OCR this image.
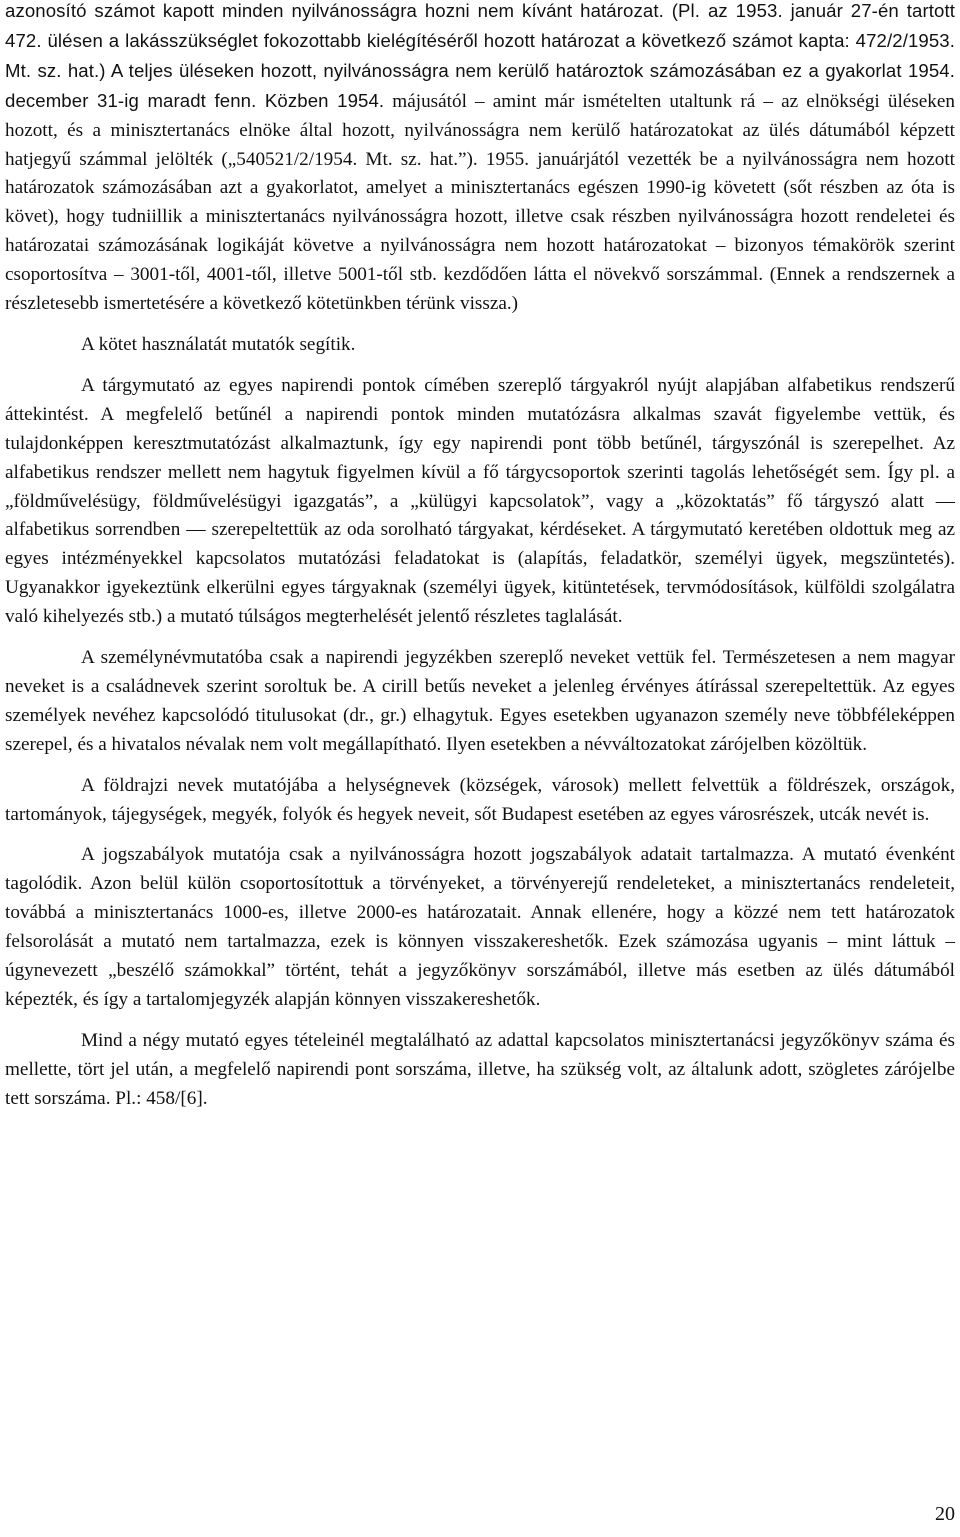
azonosító számot kapott minden nyilvánosságra hozni nem kívánt határozat. (Pl. az 1953. január 27-én tartott 472. ülésen a lakásszükséglet fokozottabb kielégítéséről hozott határozat a következő számot kapta: 472/2/1953. Mt. sz. hat.) A teljes üléseken hozott, nyilvánosságra nem kerülő határoztok számozásában ez a gyakorlat 1954. december 31-ig maradt fenn. Közben 1954. májusától – amint már ismételten utaltunk rá – az elnökségi üléseken hozott, és a minisztertanács elnöke által hozott, nyilvánosságra nem kerülő határozatokat az ülés dátumából képzett hatjegyű számmal jelölték („540521/2/1954. Mt. sz. hat.”). 1955. januárjától vezették be a nyilvánosságra nem hozott határozatok számozásában azt a gyakorlatot, amelyet a minisztertanács egészen 1990-ig követett (sőt részben az óta is követ), hogy tudniillik a minisztertanács nyilvánosságra hozott, illetve csak részben nyilvánosságra hozott rendeletei és határozatai számozásának logikáját követve a nyilvánosságra nem hozott határozatokat – bizonyos témakörök szerint csoportosítva – 3001-től, 4001-től, illetve 5001-től stb. kezdődően látta el növekvő sorszámmal. (Ennek a rendszernek a részletesebb ismertetésére a következő kötetünkben térünk vissza.)

A kötet használatát mutatók segítik.

A tárgymutató az egyes napirendi pontok címében szereplő tárgyakról nyújt alapjában alfabetikus rendszerű áttekintést. A megfelelő betűnél a napirendi pontok minden mutatózásra alkalmas szavát figyelembe vettük, és tulajdonképpen keresztmutatózást alkalmaztunk, így egy napirendi pont több betűnél, tárgyszónál is szerepelhet. Az alfabetikus rendszer mellett nem hagytuk figyelmen kívül a fő tárgycsoportok szerinti tagolás lehetőségét sem. Így pl. a „földművelésügy, földművelésügyi igazgatás”, a „külügyi kapcsolatok”, vagy a „közoktatás” fő tárgyszó alatt — alfabetikus sorrendben — szerepeltettük az oda sorolható tárgyakat, kérdéseket. A tárgymutató keretében oldottuk meg az egyes intézményekkel kapcsolatos mutatózási feladatokat is (alapítás, feladatkör, személyi ügyek, megszüntetés). Ugyanakkor igyekeztünk elkerülni egyes tárgyaknak (személyi ügyek, kitüntetések, tervmódosítások, külföldi szolgálatra való kihelyezés stb.) a mutató túlságos megterhelését jelentő részletes taglalását.

A személynévmutatóba csak a napirendi jegyzékben szereplő neveket vettük fel. Természetesen a nem magyar neveket is a családnevek szerint soroltuk be. A cirill betűs neveket a jelenleg érvényes átírással szerepeltettük. Az egyes személyek nevéhez kapcsolódó titulusokat (dr., gr.) elhagytuk. Egyes esetekben ugyanazon személy neve többféleképpen szerepel, és a hivatalos névalak nem volt megállapítható. Ilyen esetekben a névváltozatokat zárójelben közöltük.

A földrajzi nevek mutatójába a helységnevek (községek, városok) mellett felvettük a földrészek, országok, tartományok, tájegységek, megyék, folyók és hegyek neveit, sőt Budapest esetében az egyes városrészek, utcák nevét is.

A jogszabályok mutatója csak a nyilvánosságra hozott jogszabályok adatait tartalmazza. A mutató évenként tagolódik. Azon belül külön csoportosítottuk a törvényeket, a törvényerejű rendeleteket, a minisztertanács rendeleteit, továbbá a minisztertanács 1000-es, illetve 2000-es határozatait. Annak ellenére, hogy a közzé nem tett határozatok felsorolását a mutató nem tartalmazza, ezek is könnyen visszakereshetők. Ezek számozása ugyanis – mint láttuk – úgynevezett „beszélő számokkal” történt, tehát a jegyzőkönyv sorszámából, illetve más esetben az ülés dátumából képezték, és így a tartalomjegyzék alapján könnyen visszakereshetők.

Mind a négy mutató egyes tételeinél megtalálható az adattal kapcsolatos minisztertanácsi jegyzőkönyv száma és mellette, tört jel után, a megfelelő napirendi pont sorszáma, illetve, ha szükség volt, az általunk adott, szögletes zárójelbe tett sorszáma. Pl.: 458/[6].

20
